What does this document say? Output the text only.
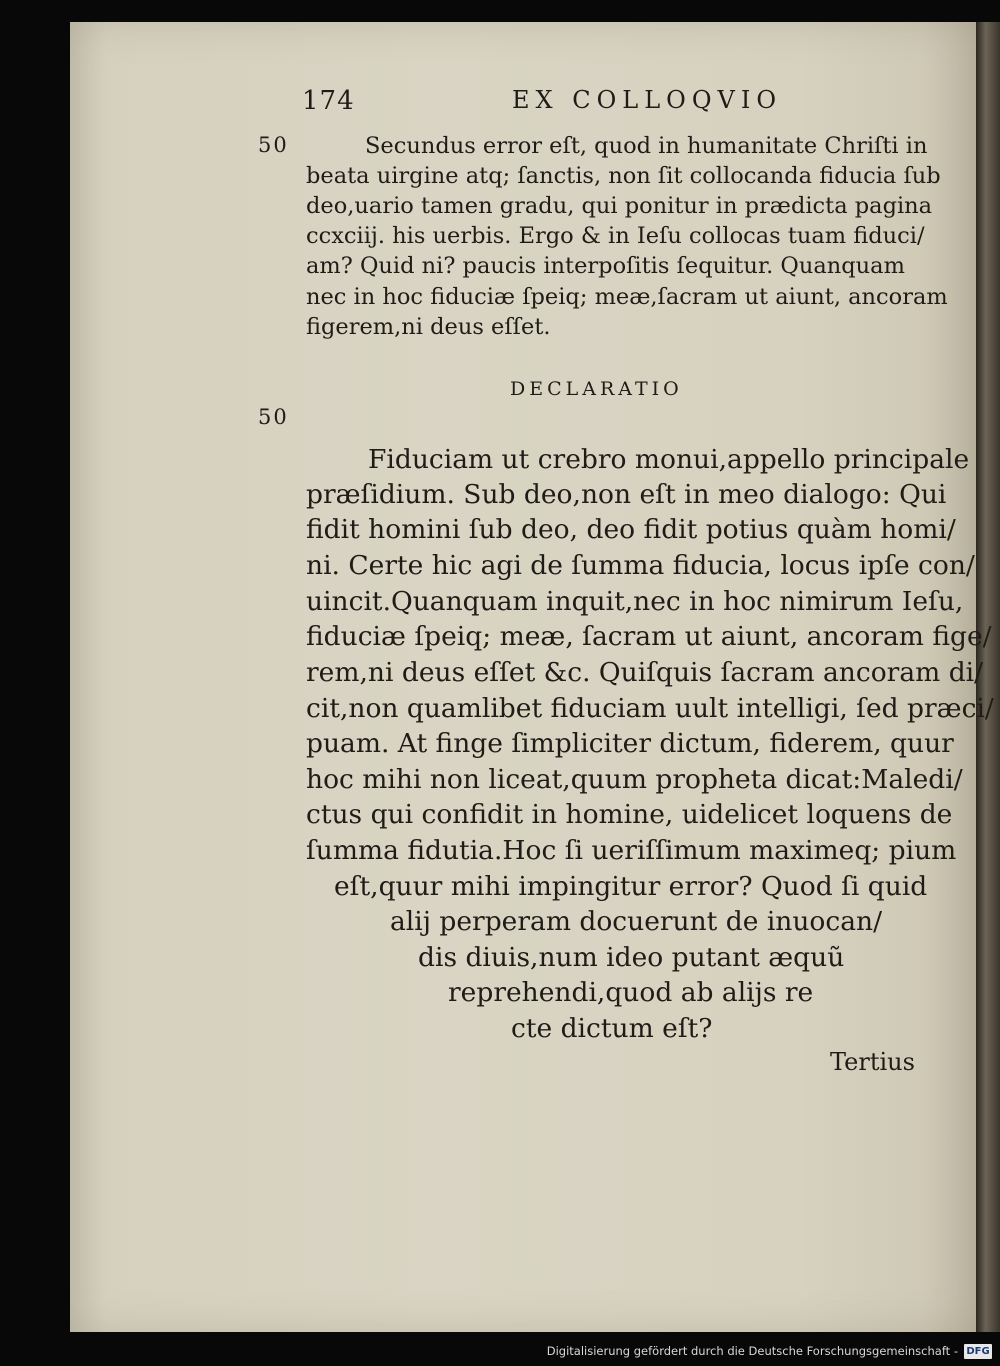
174	EX COLLOQVIO
50
50
Secundus error eſt, quod in humanitate Chriſti in
beata uirgine atq; ſanctis, non ſit collocanda fiducia ſub
deo,uario tamen gradu, qui ponitur in prædicta pagina
ccxciij. his uerbis. Ergo & in Ieſu collocas tuam fiduci/
am? Quid ni? paucis interpoſitis ſequitur. Quanquam
nec in hoc fiduciæ ſpeiq; meæ,ſacram ut aiunt, ancoram
figerem,ni deus eſſet.
DECLARATIO
Fiduciam ut crebro monui,appello principale
præſidium. Sub deo,non eſt in meo dialogo: Qui
fidit homini ſub deo, deo fidit potius quàm homi/
ni. Certe hic agi de ſumma fiducia, locus ipſe con/
uincit.Quanquam inquit,nec in hoc nimirum Ieſu,
fiduciæ ſpeiq; meæ, ſacram ut aiunt, ancoram fige/
rem,ni deus eſſet &c. Quiſquis ſacram ancoram di/
cit,non quamlibet fiduciam uult intelligi, ſed præci/
puam. At finge ſimpliciter dictum, fiderem, quur
hoc mihi non liceat,quum propheta dicat:Maledi/
ctus qui confidit in homine, uidelicet loquens de
ſumma fidutia.Hoc ſi ueriſſimum maximeq; pium
eſt,quur mihi impingitur error? Quod ſi quid
alij perperam docuerunt de inuocan/
dis diuis,num ideo putant æquũ
reprehendi,quod ab alijs re
cte dictum eſt?
Tertius
Digitalisierung gefördert durch die Deutsche Forschungsgemeinschaft - DFG
